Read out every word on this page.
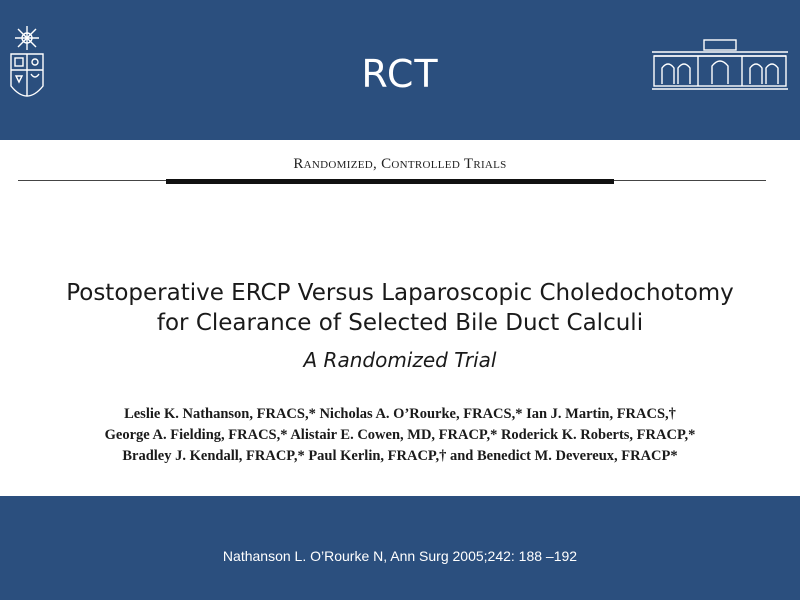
RCT
Randomized, Controlled Trials
Postoperative ERCP Versus Laparoscopic Choledochotomy
for Clearance of Selected Bile Duct Calculi
A Randomized Trial
Leslie K. Nathanson, FRACS,* Nicholas A. O’Rourke, FRACS,* Ian J. Martin, FRACS,†
George A. Fielding, FRACS,* Alistair E. Cowen, MD, FRACP,* Roderick K. Roberts, FRACP,*
Bradley J. Kendall, FRACP,* Paul Kerlin, FRACP,† and Benedict M. Devereux, FRACP*
Nathanson L. O’Rourke N, Ann Surg 2005;242: 188 –192
